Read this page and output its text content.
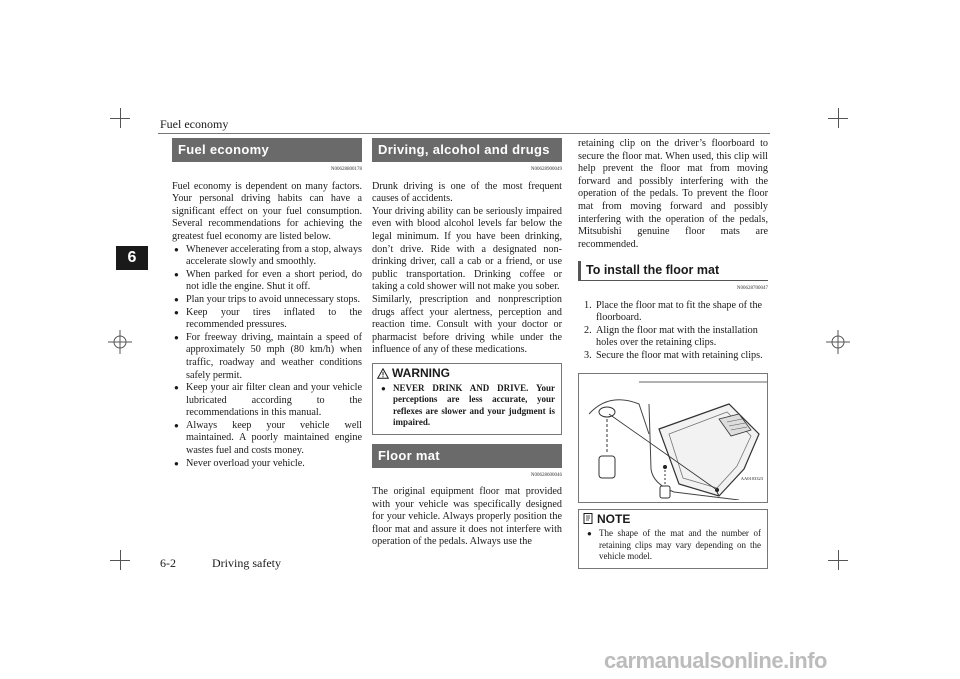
Fuel economy
6
Fuel economy
N00628800178

Fuel economy is dependent on many factors. Your personal driving habits can have a significant effect on your fuel consumption. Several recommendations for achieving the greatest fuel economy are listed below.

● Whenever accelerating from a stop, always accelerate slowly and smoothly.
● When parked for even a short period, do not idle the engine. Shut it off.
● Plan your trips to avoid unnecessary stops.
● Keep your tires inflated to the recommended pressures.
● For freeway driving, maintain a speed of approximately 50 mph (80 km/h) when traffic, roadway and weather conditions safely permit.
● Keep your air filter clean and your vehicle lubricated according to the recommendations in this manual.
● Always keep your vehicle well maintained. A poorly maintained engine wastes fuel and costs money.
● Never overload your vehicle.
Driving, alcohol and drugs
N00628900049

Drunk driving is one of the most frequent causes of accidents.

Your driving ability can be seriously impaired even with blood alcohol levels far below the legal minimum. If you have been drinking, don’t drive. Ride with a designated non-drinking driver, call a cab or a friend, or use public transportation. Drinking coffee or taking a cold shower will not make you sober.

Similarly, prescription and nonprescription drugs affect your alertness, perception and reaction time. Consult with your doctor or pharmacist before driving while under the influence of any of these medications.

WARNING
● NEVER DRINK AND DRIVE. Your perceptions are less accurate, your reflexes are slower and your judgment is impaired.
Floor mat
N00628600046

The original equipment floor mat provided with your vehicle was specifically designed for your vehicle. Always properly position the floor mat and assure it does not interfere with operation of the pedals. Always use the

retaining clip on the driver’s floorboard to secure the floor mat. When used, this clip will help prevent the floor mat from moving forward and possibly interfering with the operation of the pedals. To prevent the floor mat from moving forward and possibly interfering with the operation of the pedals, Mitsubishi genuine floor mats are recommended.

To install the floor mat
N00628700047
1. Place the floor mat to fit the shape of the floorboard.
2. Align the floor mat with the installation holes over the retaining clips.
3. Secure the floor mat with retaining clips.
AA0103323
NOTE
● The shape of the mat and the number of retaining clips may vary depending on the vehicle model.
6-2	Driving safety
carmanualsonline.info
